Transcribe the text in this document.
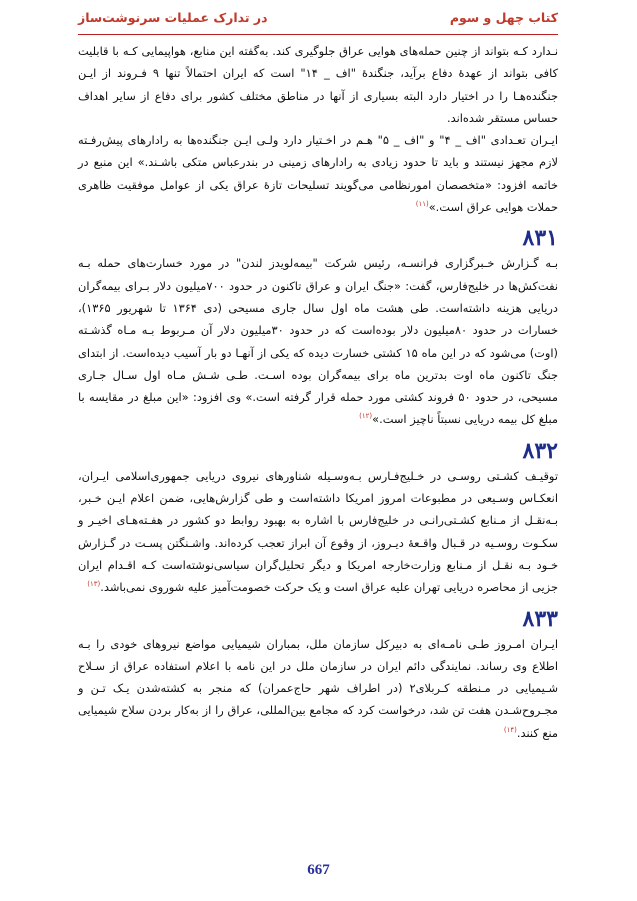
کتاب چهل و سوم
در تدارک عملیات سرنوشت‌ساز

نـدارد کـه بتواند از چنین حمله‌های هوایی عراق جلوگیری کند. به‌گفته این منابع، هواپیمایی کـه با قابلیت کافی بتواند از عهدهٔ دفاع برآید، جنگندهٔ "اف _ ۱۴" است که ایران احتمالاً تنها ۹ فـروند از ایـن جنگنده‌هـا را در اختیار دارد البته بسیاری از آنها در مناطق مختلف کشور برای دفاع از سایر اهداف حساس مستقر شده‌اند.

ایـران تعـدادی "اف _ ۴" و "اف _ ۵" هـم در اخـتیار دارد ولـی ایـن جنگنده‌ها به رادارهای پیش‌رفـته لازم مجهز نیستند و باید تا حدود زیادی به رادارهای زمینی در بندرعباس متکی باشـند.» این منبع در خاتمه افزود: «متخصصان امورنظامی می‌گویند تسلیحات تازهٔ عراق یکی از عوامل موفقیت ظاهری حملات هوایی عراق است.»$^{(۱۱)}$

۸۳۱

بـه گـزارش خـبرگزاری فرانسـه، رئیس شرکت "بیمه‌لویدز لندن" در مورد خسارت‌های حمله بـه نفت‌کش‌ها در خلیج‌فارس، گفت: «جنگ ایران و عراق تاکنون در حدود ۷۰۰میلیون دلار بـرای بیمه‌گران دریایی هزینه داشته‌است. طی هشت ماه اول سال جاری مسیحی (دی ۱۳۶۴ تا شهریور ۱۳۶۵)، خسارات در حدود ۸۰میلیون دلار بوده‌است که در حدود ۳۰میلیون دلار آن مـربوط بـه مـاه گذشـته (اوت) می‌شود که در این ماه ۱۵ کشتی خسارت دیده که یکی از آنهـا دو بار آسیب دیده‌است. از ابتدای جنگ تاکنون ماه اوت بدترین ماه برای بیمه‌گران بوده اسـت. طـی شـش مـاه اول سـال جـاری مسیحی، در حدود ۵۰ فروند کشتی مورد حمله قرار گرفته است.» وی افزود: «این مبلغ در مقایسه با مبلغ کل بیمه دریایی نسبتاً ناچیز است.»$^{(۱۲)}$

۸۳۲

توقیـف کشـتی روسـی در خـلیج‌فـارس بـه‌وسـیله شناورهای نیروی دریایی جمهوری‌اسلامی ایـران، انعکـاس وسـیعی در مطبوعات امروز امریکا داشته‌است و طی گزارش‌هایی، ضمن اعلام ایـن خـبر، بـه‌نقـل از مـنابع کشـتی‌رانـی در خلیج‌فارس با اشاره به بهبود روابط دو کشور در هفـته‌هـای اخیـر و سکـوت روسـیه در قـبال واقـعهٔ دیـروز، از وقوع آن ابراز تعجب کرده‌اند. واشـنگتن پسـت در گـزارش خـود بـه نقـل از مـنابع وزارت‌خارجه امریکا و دیگر تحلیل‌گران سیاسی‌نوشته‌است کـه اقـدام ایران جزیی از محاصره دریایی تهران علیه عراق است و یک حرکت خصومت‌آمیز علیه شوروی نمی‌باشد.$^{(۱۳)}$

۸۳۳

ایـران امـروز طـی نامـه‌ای به دبیرکل سازمان ملل، بمباران شیمیایی مواضع نیروهای خودی را بـه اطلاع وی رساند. نمایندگی دائم ایران در سازمان ملل در این نامه با اعلام استفاده عراق از سـلاح شـیمیایی در مـنطقه کـربلای۲ (در اطراف شهر حاج‌عمران) که منجر به کشته‌شدن یـک تـن و مجـروح‌شـدن هفت تن شد، درخواست کرد که مجامع بین‌المللی، عراق را از به‌کار بردن سلاح شیمیایی منع کنند.$^{(۱۴)}$

667
